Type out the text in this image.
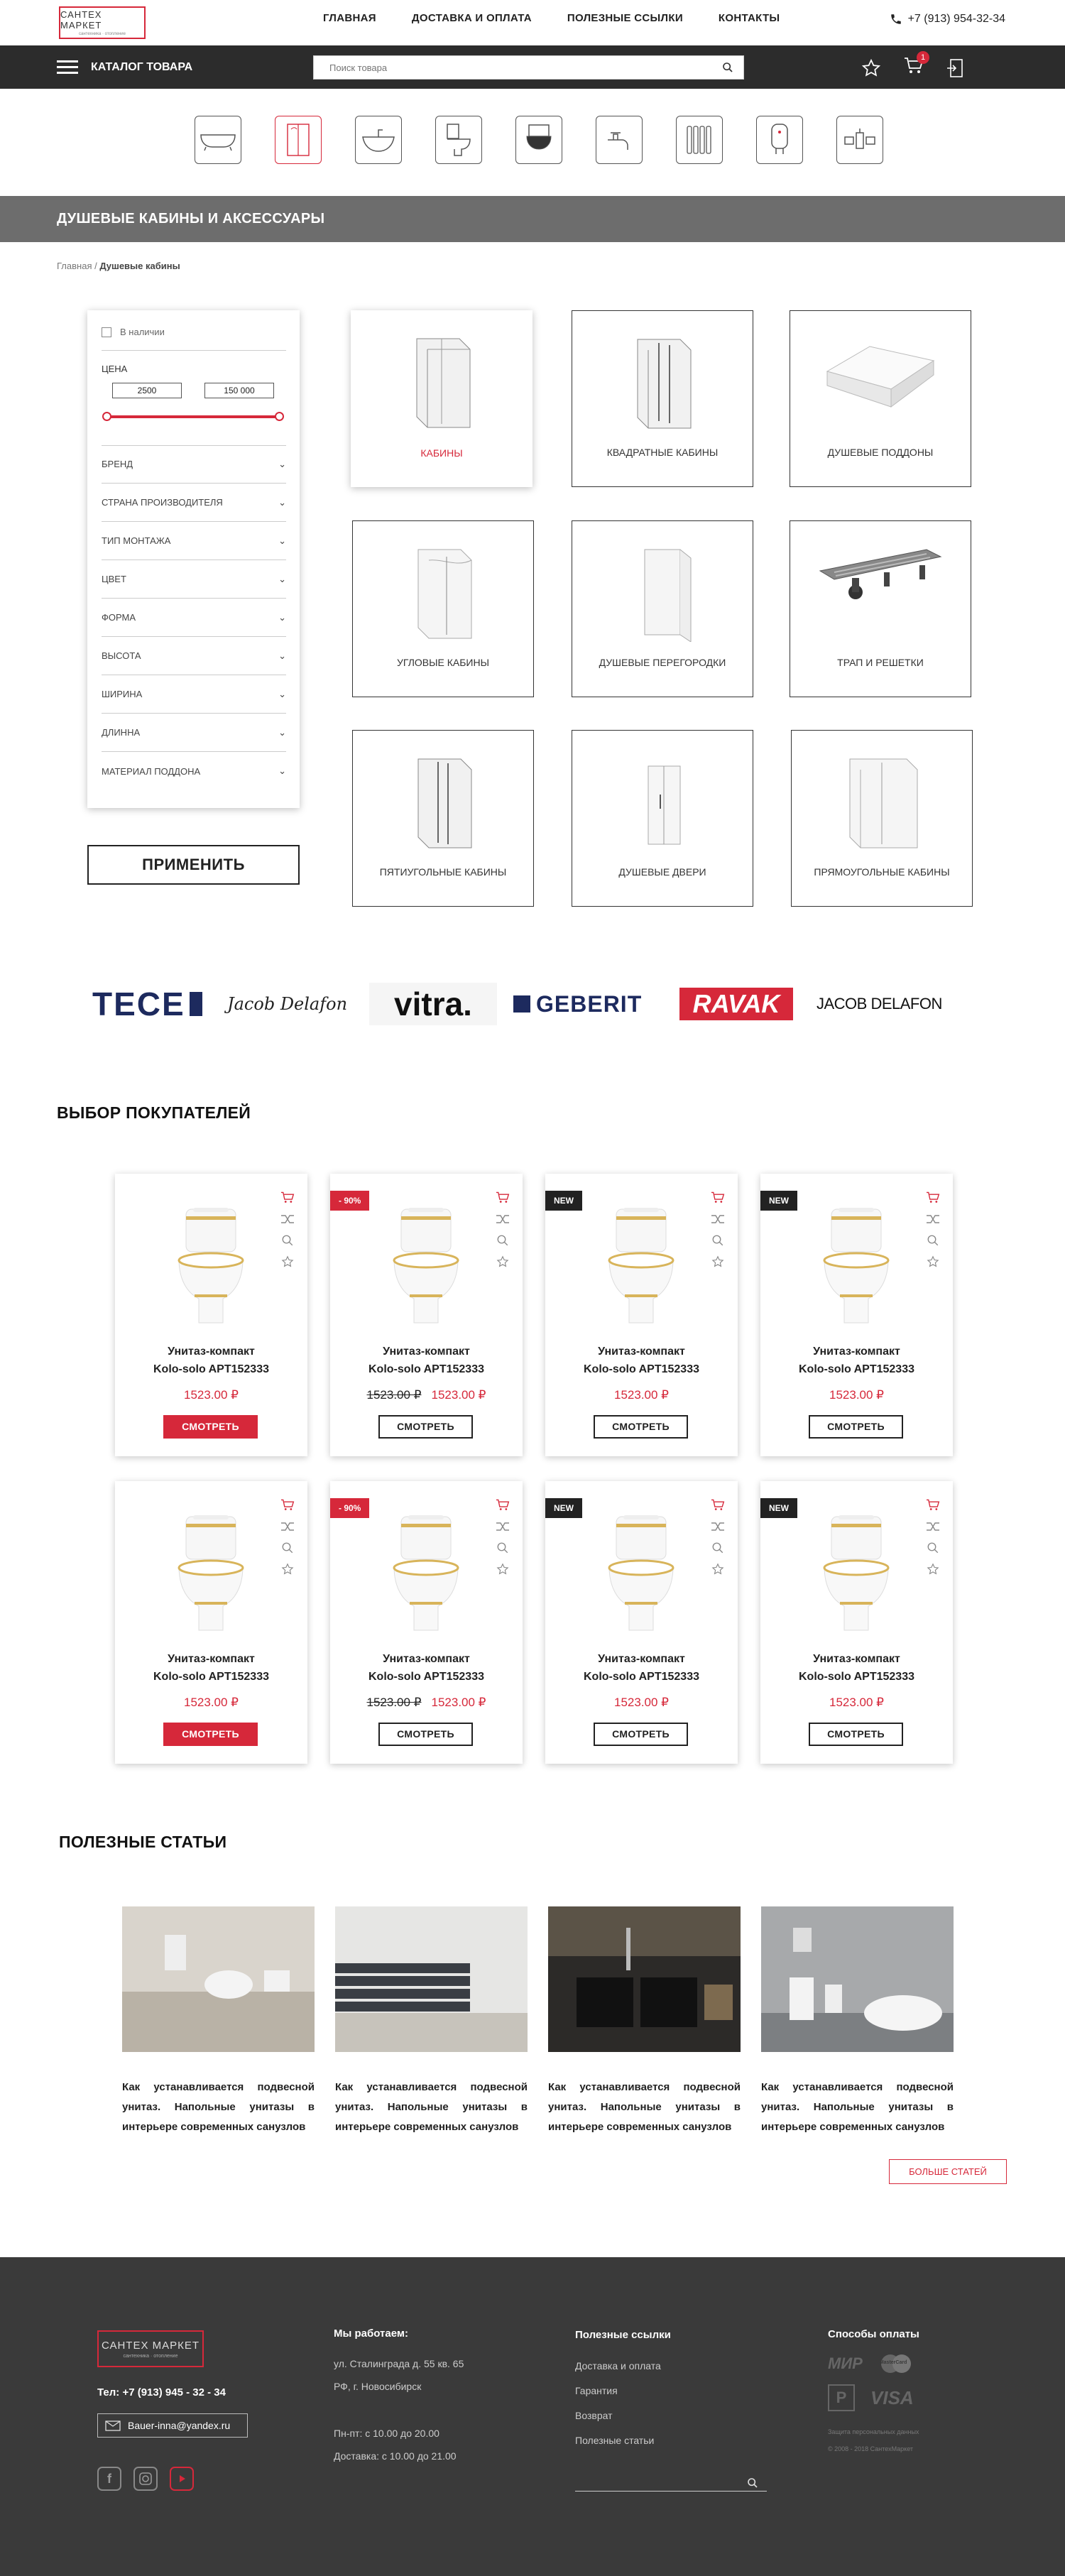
САНТЕХ МАРКЕТ
сантехника · отопление
ГЛАВНАЯ	ДОСТАВКА И ОПЛАТА	ПОЛЕЗНЫЕ ССЫЛКИ	КОНТАКТЫ	+7 (913) 954-32-34
КАТАЛОГ ТОВАРА
Поиск товара
1
ДУШЕВЫЕ КАБИНЫ И АКСЕССУАРЫ
Главная / Душевые кабины
В наличии
ЦЕНА
2500	150 000
БРЕНД	⌄
СТРАНА ПРОИЗВОДИТЕЛЯ	⌄
ТИП МОНТАЖА	⌄
ЦВЕТ	⌄
ФОРМА	⌄
ВЫСОТА	⌄
ШИРИНА	⌄
ДЛИННА	⌄
МАТЕРИАЛ ПОДДОНА	⌄
ПРИМЕНИТЬ
КАБИНЫ	КВАДРАТНЫЕ КАБИНЫ	ДУШЕВЫЕ ПОДДОНЫ
УГЛОВЫЕ КАБИНЫ	ДУШЕВЫЕ ПЕРЕГОРОДКИ	ТРАП И РЕШЕТКИ
ПЯТИУГОЛЬНЫЕ КАБИНЫ	ДУШЕВЫЕ ДВЕРИ	ПРЯМОУГОЛЬНЫЕ КАБИНЫ
TECE Jacob Delafon vitra.	GEBERIT RAVAK JACOB DELAFON
ВЫБОР ПОКУПАТЕЛЕЙ
Унитаз-компакт
Kolo-solo APT152333
1523.00 ₽
СМОТРЕТЬ
- 90%
Унитаз-компакт
Kolo-solo APT152333
1523.00 ₽ 1523.00 ₽
СМОТРЕТЬ
NEW
Унитаз-компакт
Kolo-solo APT152333
1523.00 ₽
СМОТРЕТЬ
NEW
Унитаз-компакт
Kolo-solo APT152333
1523.00 ₽
СМОТРЕТЬ
Унитаз-компакт
Kolo-solo APT152333
1523.00 ₽
СМОТРЕТЬ
- 90%
Унитаз-компакт
Kolo-solo APT152333
1523.00 ₽ 1523.00 ₽
СМОТРЕТЬ
NEW
Унитаз-компакт
Kolo-solo APT152333
1523.00 ₽
СМОТРЕТЬ
NEW
Унитаз-компакт
Kolo-solo APT152333
1523.00 ₽
СМОТРЕТЬ
ПОЛЕЗНЫЕ СТАТЬИ

Как устанавливается подвесной унитаз. Напольные унитазы в интерьере современных санузлов

Как устанавливается подвесной унитаз. Напольные унитазы в интерьере современных санузлов

Как устанавливается подвесной унитаз. Напольные унитазы в интерьере современных санузлов

Как устанавливается подвесной унитаз. Напольные унитазы в интерьере современных санузлов

БОЛЬШЕ СТАТЕЙ
САНТЕХ МАРКЕТ
сантехника · отопление
Тел: +7 (913) 945 - 32 - 34
Bauer-inna@yandex.ru
f
Мы работаем:
ул. Сталинграда д. 55 кв. 65
РФ, г. Новосибирск
Пн-пт: с 10.00 до 20.00
Доставка: с 10.00 до 21.00
Полезные ссылки
Доставка и оплата
Гарантия
Возврат
Полезные статьи
Способы оплаты
МИР	MasterCard
P VISA
Защита персональных данных
© 2008 - 2018 СантехМаркет
